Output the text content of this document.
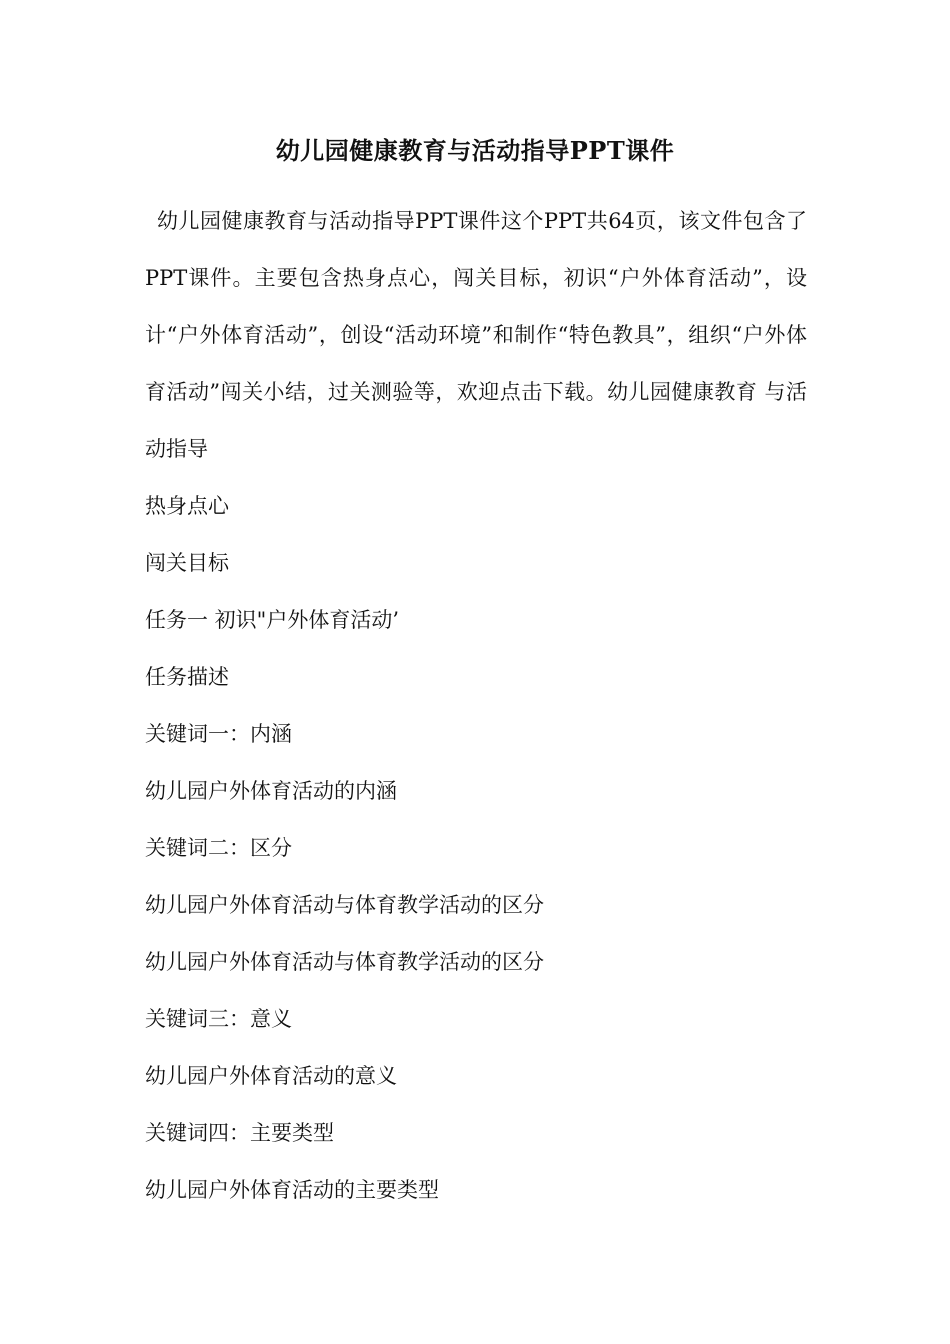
幼儿园健康教育与活动指导PPT课件

幼儿园健康教育与活动指导PPT课件这个PPT共64页，该文件包含了PPT课件。主要包含热身点心，闯关目标，初识“户外体育活动”，设计“户外体育活动”，创设“活动环境”和制作“特色教具”，组织“户外体育活动”闯关小结，过关测验等，欢迎点击下载。幼儿园健康教育 与活动指导

热身点心
闯关目标
任务一 初识"户外体育活动’
任务描述
关键词一：内涵
幼儿园户外体育活动的内涵
关键词二：区分
幼儿园户外体育活动与体育教学活动的区分
幼儿园户外体育活动与体育教学活动的区分
关键词三：意义
幼儿园户外体育活动的意义
关键词四：主要类型
幼儿园户外体育活动的主要类型
